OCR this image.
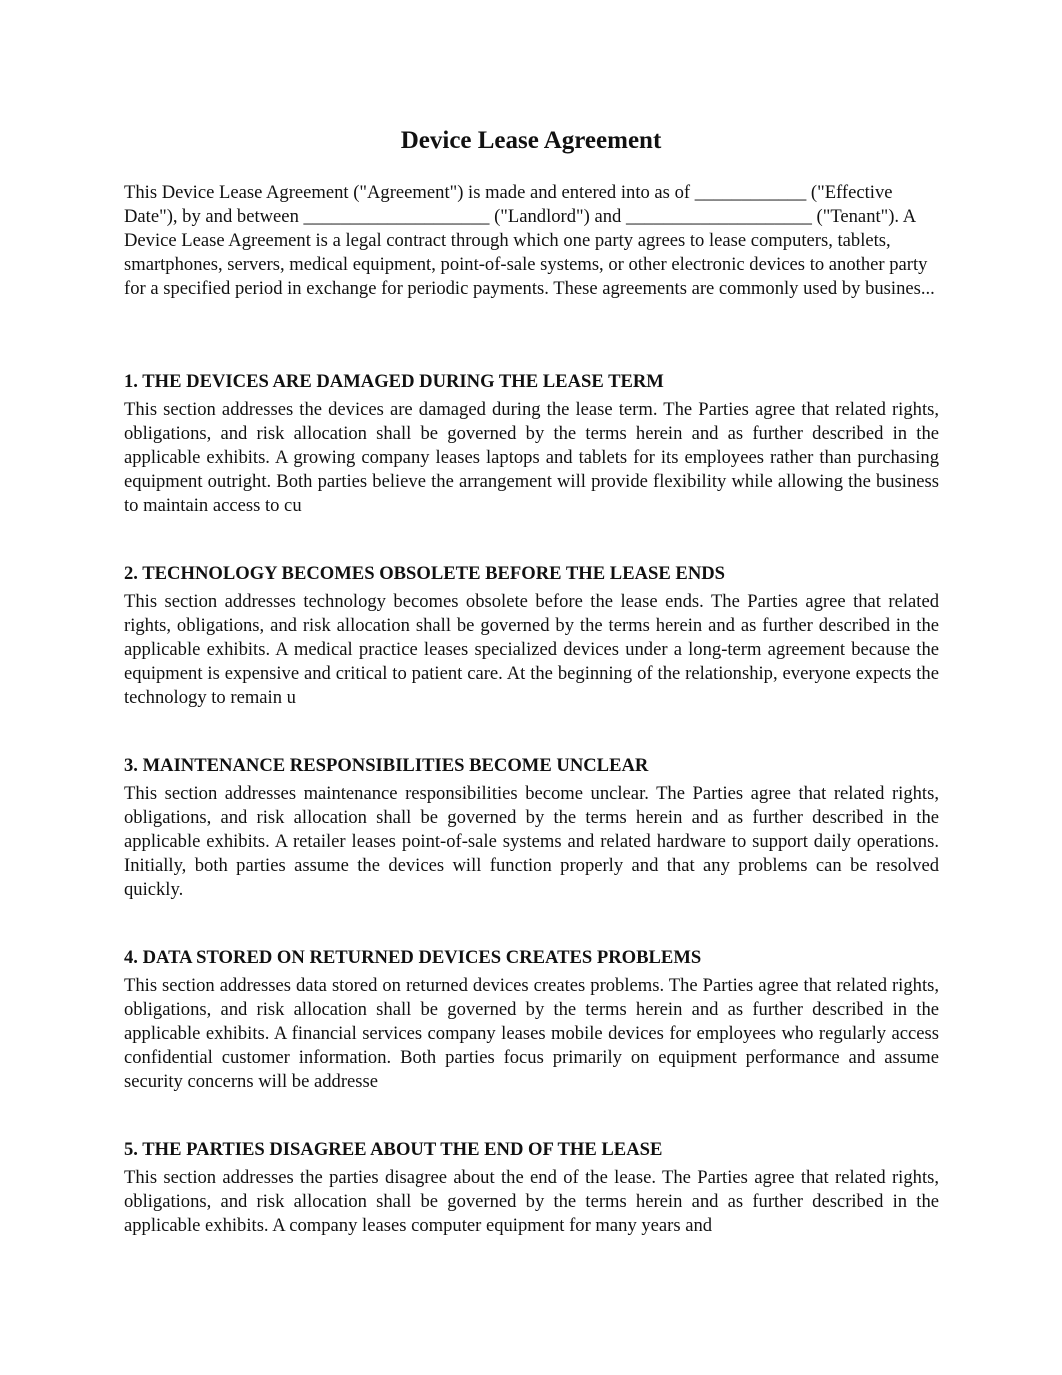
Device Lease Agreement

This Device Lease Agreement ("Agreement") is made and entered into as of ____________ ("Effective Date"), by and between ____________________ ("Landlord") and ____________________ ("Tenant"). A Device Lease Agreement is a legal contract through which one party agrees to lease computers, tablets, smartphones, servers, medical equipment, point-of-sale systems, or other electronic devices to another party for a specified period in exchange for periodic payments. These agreements are commonly used by busines...

1. THE DEVICES ARE DAMAGED DURING THE LEASE TERM

This section addresses the devices are damaged during the lease term. The Parties agree that related rights, obligations, and risk allocation shall be governed by the terms herein and as further described in the applicable exhibits. A growing company leases laptops and tablets for its employees rather than purchasing equipment outright. Both parties believe the arrangement will provide flexibility while allowing the business to maintain access to cu

2. TECHNOLOGY BECOMES OBSOLETE BEFORE THE LEASE ENDS

This section addresses technology becomes obsolete before the lease ends. The Parties agree that related rights, obligations, and risk allocation shall be governed by the terms herein and as further described in the applicable exhibits. A medical practice leases specialized devices under a long-term agreement because the equipment is expensive and critical to patient care. At the beginning of the relationship, everyone expects the technology to remain u

3. MAINTENANCE RESPONSIBILITIES BECOME UNCLEAR

This section addresses maintenance responsibilities become unclear. The Parties agree that related rights, obligations, and risk allocation shall be governed by the terms herein and as further described in the applicable exhibits. A retailer leases point-of-sale systems and related hardware to support daily operations. Initially, both parties assume the devices will function properly and that any problems can be resolved quickly.

4. DATA STORED ON RETURNED DEVICES CREATES PROBLEMS

This section addresses data stored on returned devices creates problems. The Parties agree that related rights, obligations, and risk allocation shall be governed by the terms herein and as further described in the applicable exhibits. A financial services company leases mobile devices for employees who regularly access confidential customer information. Both parties focus primarily on equipment performance and assume security concerns will be addresse

5. THE PARTIES DISAGREE ABOUT THE END OF THE LEASE

This section addresses the parties disagree about the end of the lease. The Parties agree that related rights, obligations, and risk allocation shall be governed by the terms herein and as further described in the applicable exhibits. A company leases computer equipment for many years and
